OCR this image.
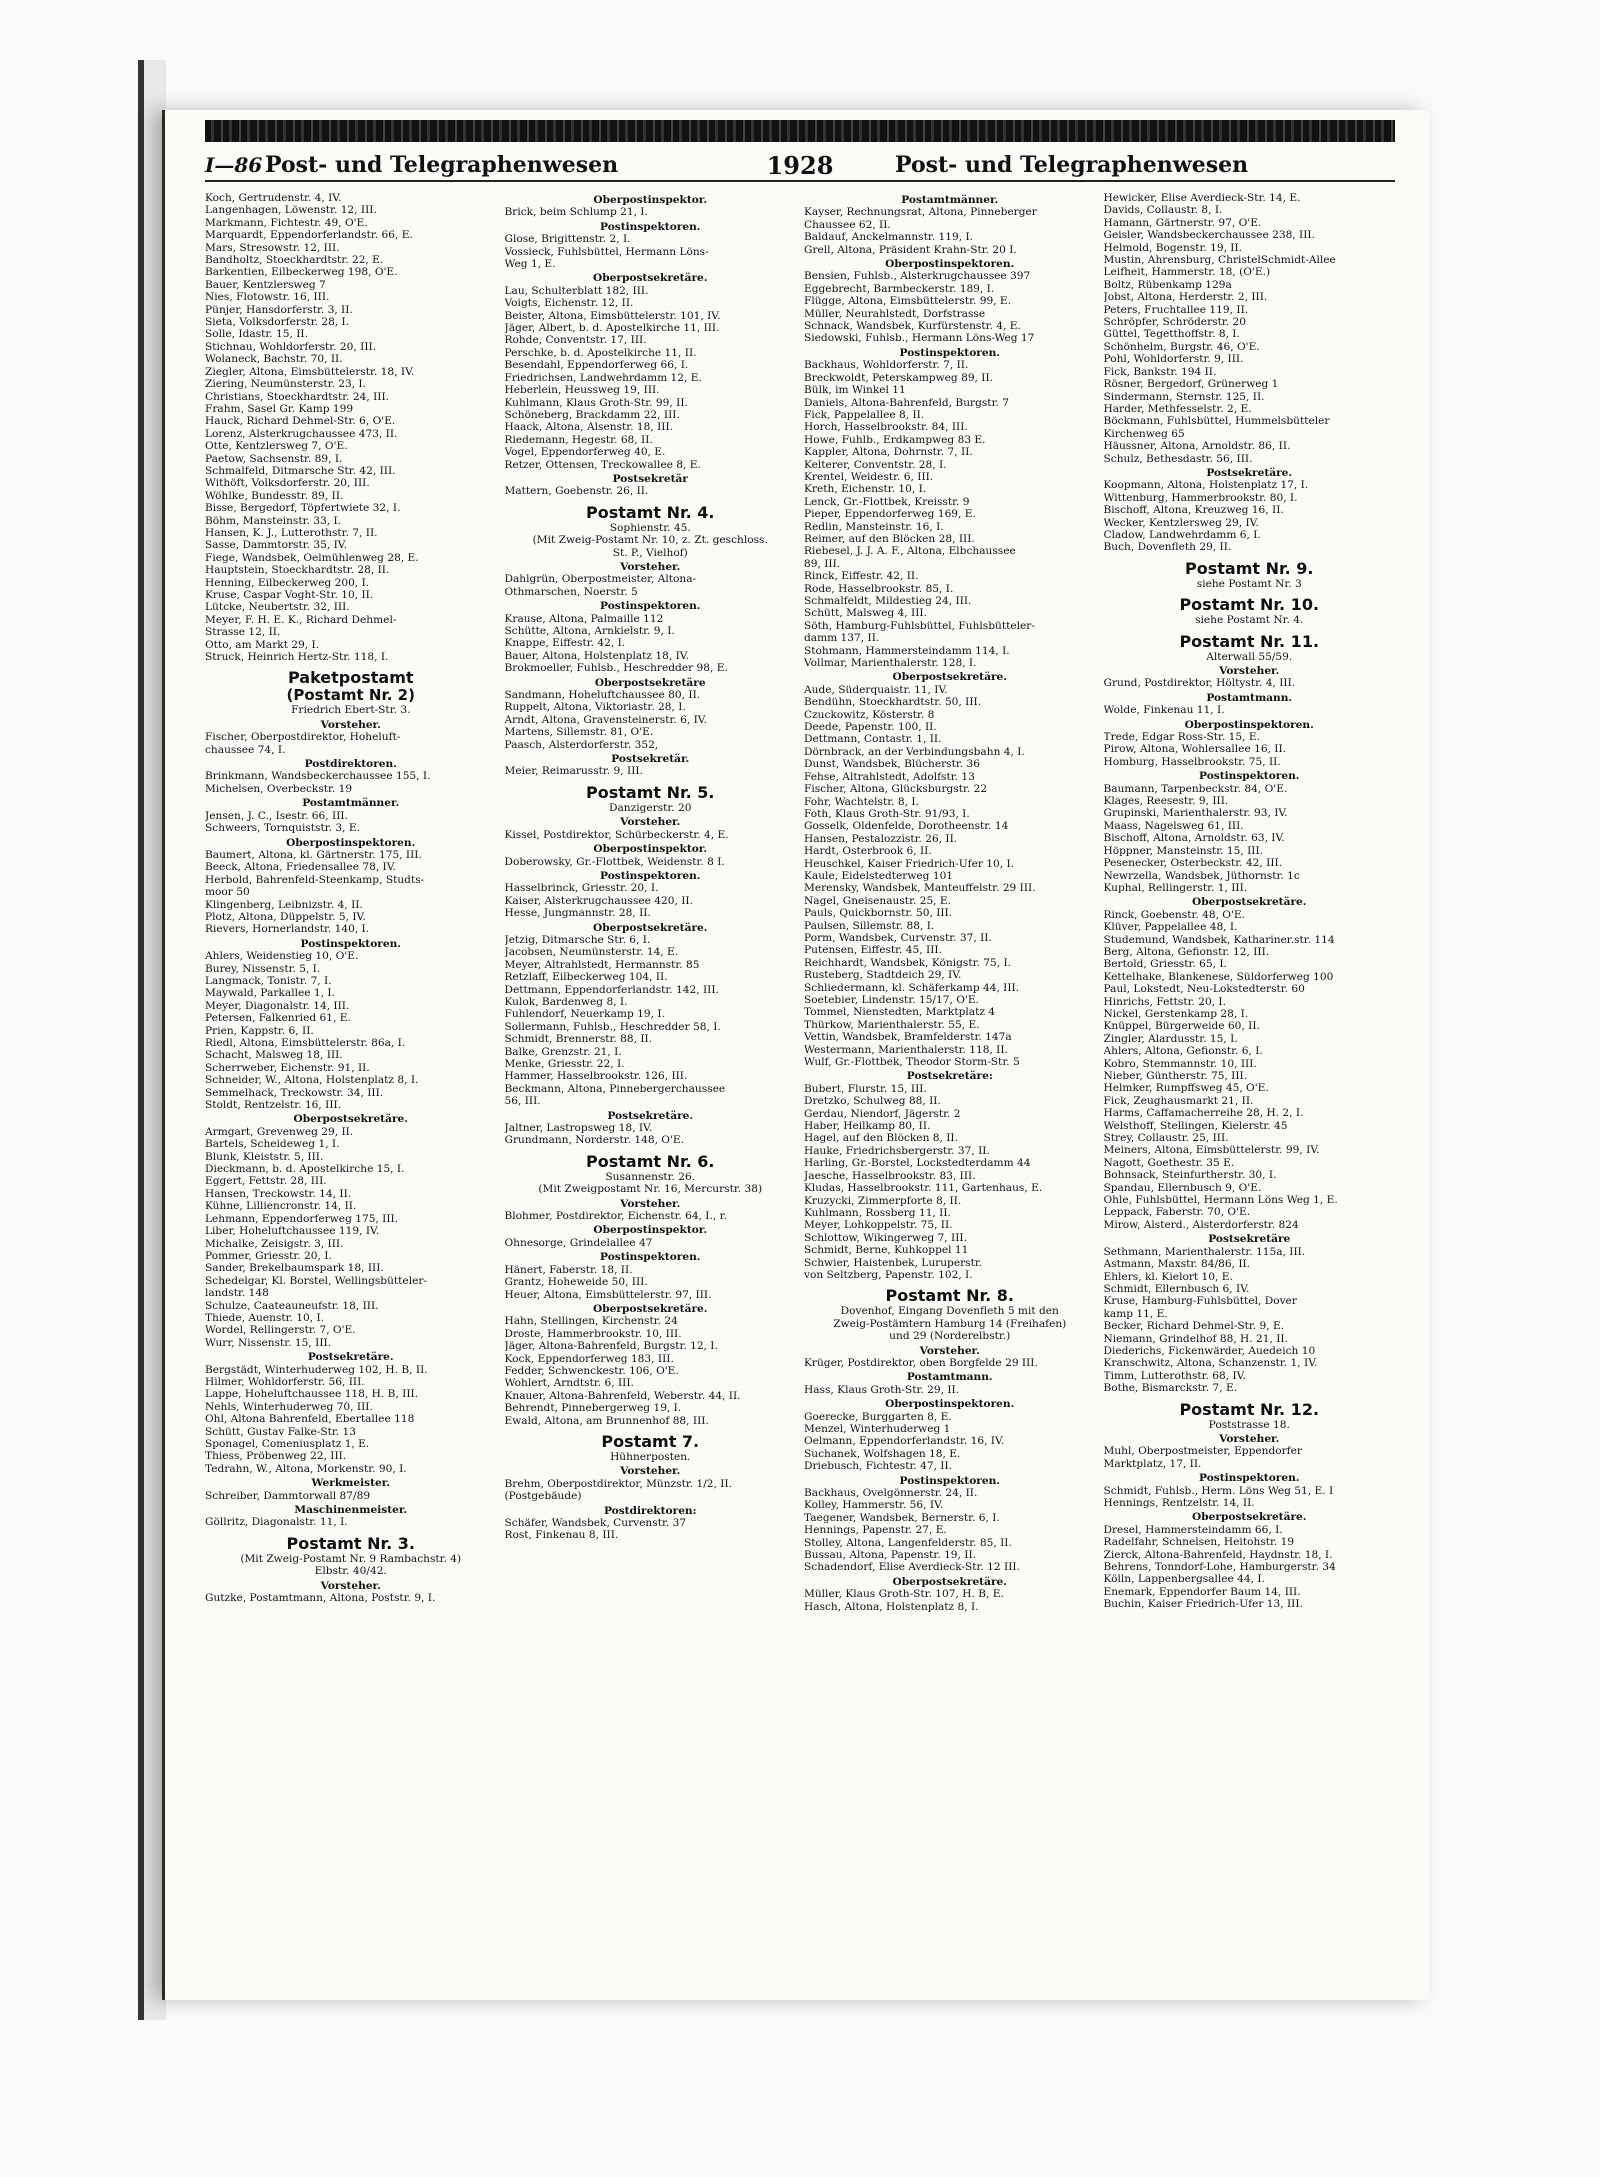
I—86 Post- und Telegraphenwesen	1928	Post- und Telegraphenwesen
Koch, Gertrudenstr. 4, IV.
Langenhagen, Löwenstr. 12, III.
Markmann, Fichtestr. 49, O'E.
Marquardt, Eppendorferlandstr. 66, E.
Mars, Stresowstr. 12, III.
Bandholtz, Stoeckhardtstr. 22, E.
Barkentien, Eilbeckerweg 198, O'E.
Bauer, Kentzlersweg 7
Nies, Flotowstr. 16, III.
Pünjer, Hansdorferstr. 3, II.
Sieta, Volksdorferstr. 28, I.
Solle, Idastr. 15, II.
Stichnau, Wohldorferstr. 20, III.
Wolaneck, Bachstr. 70, II.
Ziegler, Altona, Eimsbüttelerstr. 18, IV.
Ziering, Neumünsterstr. 23, I.
Christians, Stoeckhardtstr. 24, III.
Frahm, Sasel Gr. Kamp 199
Hauck, Richard Dehmel-Str. 6, O'E.
Lorenz, Alsterkrugchaussee 473, II.
Otte, Kentzlersweg 7, O'E.
Paetow, Sachsenstr. 89, I.
Schmalfeld, Ditmarsche Str. 42, III.
Withöft, Volksdorferstr. 20, III.
Wöhlke, Bundesstr. 89, II.
Bisse, Bergedorf, Töpfertwiete 32, I.
Böhm, Mansteinstr. 33, I.
Hansen, K. J., Lutterothstr. 7, II.
Sasse, Dammtorstr. 35, IV.
Fiege, Wandsbek, Oelmühlenweg 28, E.
Hauptstein, Stoeckhardtstr. 28, II.
Henning, Eilbeckerweg 200, I.
Kruse, Caspar Voght-Str. 10, II.
Lütcke, Neubertstr. 32, III.
Meyer, F. H. E. K., Richard Dehmel-
Strasse 12, II.
Otto, am Markt 29, I.
Struck, Heinrich Hertz-Str. 118, I.
Paketpostamt
(Postamt Nr. 2)
Friedrich Ebert-Str. 3.
Vorsteher.
Fischer, Oberpostdirektor, Hoheluft-
chaussee 74, I.
Postdirektoren.
Brinkmann, Wandsbeckerchaussee 155, I.
Michelsen, Overbeckstr. 19
Postamtmänner.
Jensen, J. C., Isestr. 66, III.
Schweers, Tornquiststr. 3, E.
Oberpostinspektoren.
Baumert, Altona, kl. Gärtnerstr. 175, III.
Beeck, Altona, Friedensallee 78, IV.
Herbold, Bahrenfeld-Steenkamp, Studts-
moor 50
Klingenberg, Leibnizstr. 4, II.
Plotz, Altona, Düppelstr. 5, IV.
Rievers, Hornerlandstr. 140, I.
Postinspektoren.
Ahlers, Weidenstieg 10, O'E.
Burey, Nissenstr. 5, I.
Langmack, Tonistr. 7, I.
Maywald, Parkallee 1, I.
Meyer, Diagonalstr. 14, III.
Petersen, Falkenried 61, E.
Prien, Kappstr. 6, II.
Riedl, Altona, Eimsbüttelerstr. 86a, I.
Schacht, Malsweg 18, III.
Scherrweber, Eichenstr. 91, II.
Schneider, W., Altona, Holstenplatz 8, I.
Semmelhack, Treckowstr. 34, III.
Stoldt, Rentzelstr. 16, III.
Oberpostsekretäre.
Armgart, Grevenweg 29, II.
Bartels, Scheideweg 1, I.
Blunk, Kleiststr. 5, III.
Dieckmann, b. d. Apostelkirche 15, I.
Eggert, Fettstr. 28, III.
Hansen, Treckowstr. 14, II.
Kühne, Lilliencronstr. 14, II.
Lehmann, Eppendorferweg 175, III.
Liber, Hoheluftchaussee 119, IV.
Michalke, Zeisigstr. 3, III.
Pommer, Griesstr. 20, I.
Sander, Brekelbaumspark 18, III.
Schedelgar, Kl. Borstel, Wellingsbütteler-
landstr. 148
Schulze, Caateauneufstr. 18, III.
Thiede, Auenstr. 10, I.
Wordel, Rellingerstr. 7, O'E.
Wurr, Nissenstr. 15, III.
Postsekretäre.
Bergstädt, Winterhuderweg 102, H. B, II.
Hilmer, Wohldorferstr. 56, III.
Lappe, Hoheluftchaussee 118, H. B, III.
Nehls, Winterhuderweg 70, III.
Ohl, Altona Bahrenfeld, Ebertallee 118
Schütt, Gustav Falke-Str. 13
Sponagel, Comeniusplatz 1, E.
Thiess, Pröbenweg 22, III.
Tedrahn, W., Altona, Morkenstr. 90, I.
Werkmeister.
Schreiber, Dammtorwall 87/89
Maschinenmeister.
Göllritz, Diagonalstr. 11, I.
Postamt Nr. 3.
(Mit Zweig-Postamt Nr. 9 Rambachstr. 4)
Elbstr. 40/42.
Vorsteher.
Gutzke, Postamtmann, Altona, Poststr. 9, I.
Oberpostinspektor.
Brick, beim Schlump 21, I.
Postinspektoren.
Glose, Brigittenstr. 2, I.
Vossieck, Fuhlsbüttel, Hermann Löns-
Weg 1, E.
Oberpostsekretäre.
Lau, Schulterblatt 182, III.
Voigts, Eichenstr. 12, II.
Beister, Altona, Eimsbüttelerstr. 101, IV.
Jäger, Albert, b. d. Apostelkirche 11, III.
Rohde, Conventstr. 17, III.
Perschke, b. d. Apostelkirche 11, II.
Besendahl, Eppendorferweg 66, I.
Friedrichsen, Landwehrdamm 12, E.
Heberlein, Heussweg 19, III.
Kuhlmann, Klaus Groth-Str. 99, II.
Schöneberg, Brackdamm 22, III.
Haack, Altona, Alsenstr. 18, III.
Riedemann, Hegestr. 68, II.
Vogel, Eppendorferweg 40, E.
Retzer, Ottensen, Treckowallee 8, E.
Postsekretär
Mattern, Goebenstr. 26, II.
Postamt Nr. 4.
Sophienstr. 45.
(Mit Zweig-Postamt Nr. 10, z. Zt. geschloss.
St. P., Vielhof)
Vorsteher.
Dahlgrün, Oberpostmeister, Altona-
Othmarschen, Noerstr. 5
Postinspektoren.
Krause, Altona, Palmaille 112
Schütte, Altona, Arnkielstr. 9, I.
Knappe, Eiffestr. 42, I.
Bauer, Altona, Holstenplatz 18, IV.
Brokmoeller, Fuhlsb., Heschredder 98, E.
Oberpostsekretäre
Sandmann, Hoheluftchaussee 80, II.
Ruppelt, Altona, Viktoriastr. 28, I.
Arndt, Altona, Gravensteinerstr. 6, IV.
Martens, Sillemstr. 81, O'E.
Paasch, Alsterdorferstr. 352,
Postsekretär.
Meier, Reimarusstr. 9, III.
Postamt Nr. 5.
Danzigerstr. 20
Vorsteher.
Kissel, Postdirektor, Schürbeckerstr. 4, E.
Oberpostinspektor.
Doberowsky, Gr.-Flottbek, Weidenstr. 8 I.
Postinspektoren.
Hasselbrinck, Griesstr. 20, I.
Kaiser, Alsterkrugchaussee 420, II.
Hesse, Jungmannstr. 28, II.
Oberpostsekretäre.
Jetzig, Ditmarsche Str. 6, I.
Jacobsen, Neumünsterstr. 14, E.
Meyer, Altrahlstedt, Hermannstr. 85
Retzlaff, Eilbeckerweg 104, II.
Dettmann, Eppendorferlandstr. 142, III.
Kulok, Bardenweg 8, I.
Fuhlendorf, Neuerkamp 19, I.
Sollermann, Fuhlsb., Heschredder 58, I.
Schmidt, Brennerstr. 88, II.
Balke, Grenzstr. 21, I.
Menke, Griesstr. 22, I.
Hammer, Hasselbrookstr. 126, III.
Beckmann, Altona, Pinnebergerchaussee
56, III.
Postsekretäre.
Jaltner, Lastropsweg 18, IV.
Grundmann, Norderstr. 148, O'E.
Postamt Nr. 6.
Susannenstr. 26.
(Mit Zweigpostamt Nr. 16, Mercurstr. 38)
Vorsteher.
Blohmer, Postdirektor, Eichenstr. 64, I., r.
Oberpostinspektor.
Ohnesorge, Grindelallee 47
Postinspektoren.
Hänert, Faberstr. 18, II.
Grantz, Hoheweide 50, III.
Heuer, Altona, Eimsbüttelerstr. 97, III.
Oberpostsekretäre.
Hahn, Stellingen, Kirchenstr. 24
Droste, Hammerbrookstr. 10, III.
Jäger, Altona-Bahrenfeld, Burgstr. 12, I.
Kock, Eppendorferweg 183, III.
Fedder, Schwenckestr. 106, O'E.
Wohlert, Arndtstr. 6, III.
Knauer, Altona-Bahrenfeld, Weberstr. 44, II.
Behrendt, Pinnebergerweg 19, I.
Ewald, Altona, am Brunnenhof 88, III.
Postamt 7.
Hühnerposten.
Vorsteher.
Brehm, Oberpostdirektor, Münzstr. 1/2, II.
(Postgebäude)
Postdirektoren:
Schäfer, Wandsbek, Curvenstr. 37
Rost, Finkenau 8, III.
Postamtmänner.
Kayser, Rechnungsrat, Altona, Pinneberger
Chaussee 62, II.
Baldauf, Anckelmannstr. 119, I.
Grell, Altona, Präsident Krahn-Str. 20 I.
Oberpostinspektoren.
Bensien, Fuhlsb., Alsterkrugchaussee 397
Eggebrecht, Barmbeckerstr. 189, I.
Flügge, Altona, Eimsbüttelerstr. 99, E.
Müller, Neurahlstedt, Dorfstrasse
Schnack, Wandsbek, Kurfürstenstr. 4, E.
Siedowski, Fuhlsb., Hermann Löns-Weg 17
Postinspektoren.
Backhaus, Wohldorferstr. 7, II.
Breckwoldt, Peterskampweg 89, II.
Bülk, im Winkel 11
Daniels, Altona-Bahrenfeld, Burgstr. 7
Fick, Pappelallee 8, II.
Horch, Hasselbrookstr. 84, III.
Howe, Fuhlb., Erdkampweg 83 E.
Kappler, Altona, Dohrnstr. 7, II.
Kelterer, Conventstr. 28, I.
Krentel, Weidestr. 6, III.
Kreth, Eichenstr. 10, I.
Lenck, Gr.-Flottbek, Kreisstr. 9
Pieper, Eppendorferweg 169, E.
Redlin, Mansteinstr. 16, I.
Reimer, auf den Blöcken 28, III.
Riebesel, J. J. A. F., Altona, Elbchaussee
89, III.
Rinck, Eiffestr. 42, II.
Rode, Hasselbrookstr. 85, I.
Schmalfeldt, Mildestieg 24, III.
Schütt, Malsweg 4, III.
Söth, Hamburg-Fuhlsbüttel, Fuhlsbütteler-
damm 137, II.
Stohmann, Hammersteindamm 114, I.
Vollmar, Marienthalerstr. 128, I.
Oberpostsekretäre.
Aude, Süderquaistr. 11, IV.
Bendühn, Stoeckhardtstr. 50, III.
Czuckowitz, Kösterstr. 8
Deede, Papenstr. 100, II.
Dettmann, Contastr. 1, II.
Dörnbrack, an der Verbindungsbahn 4, I.
Dunst, Wandsbek, Blücherstr. 36
Fehse, Altrahlstedt, Adolfstr. 13
Fischer, Altona, Glücksburgstr. 22
Fohr, Wachtelstr. 8, I.
Foth, Klaus Groth-Str. 91/93, I.
Gosselk, Oldenfelde, Dorotheenstr. 14
Hansen, Pestalozzistr. 26, II.
Hardt, Osterbrook 6, II.
Heuschkel, Kaiser Friedrich-Ufer 10, I.
Kaule, Eidelstedterweg 101
Merensky, Wandsbek, Manteuffelstr. 29 III.
Nagel, Gneisenaustr. 25, E.
Pauls, Quickbornstr. 50, III.
Paulsen, Sillemstr. 88, I.
Porm, Wandsbek, Curvenstr. 37, II.
Putensen, Eiffestr. 45, III.
Reichhardt, Wandsbek, Königstr. 75, I.
Rusteberg, Stadtdeich 29, IV.
Schliedermann, kl. Schäferkamp 44, III.
Soetebier, Lindenstr. 15/17, O'E.
Tommel, Nienstedten, Marktplatz 4
Thürkow, Marienthalerstr. 55, E.
Vettin, Wandsbek, Bramfelderstr. 147a
Westermann, Marienthalerstr. 118, II.
Wulf, Gr.-Flottbek, Theodor Storm-Str. 5
Postsekretäre:
Bubert, Flurstr. 15, III.
Dretzko, Schulweg 88, II.
Gerdau, Niendorf, Jägerstr. 2
Haber, Heilkamp 80, II.
Hagel, auf den Blöcken 8, II.
Hauke, Friedrichsbergerstr. 37, II.
Harling, Gr.-Borstel, Lockstedterdamm 44
Jaesche, Hasselbrookstr. 83, III.
Kludas, Hasselbrookstr. 111, Gartenhaus, E.
Kruzycki, Zimmerpforte 8, II.
Kuhlmann, Rossberg 11, II.
Meyer, Lohkoppelstr. 75, II.
Schlottow, Wikingerweg 7, III.
Schmidt, Berne, Kuhkoppel 11
Schwier, Haistenbek, Luruperstr.
von Seltzberg, Papenstr. 102, I.
Postamt Nr. 8.
Dovenhof, Eingang Dovenfleth 5 mit den
Zweig-Postämtern Hamburg 14 (Freihafen)
und 29 (Norderelbstr.)
Vorsteher.
Krüger, Postdirektor, oben Borgfelde 29 III.
Postamtmann.
Hass, Klaus Groth-Str. 29, II.
Oberpostinspektoren.
Goerecke, Burggarten 8, E.
Menzel, Winterhuderweg 1
Oelmann, Eppendorferlandstr. 16, IV.
Suchanek, Wolfshagen 18, E.
Driebusch, Fichtestr. 47, II.
Postinspektoren.
Backhaus, Ovelgönnerstr. 24, II.
Kolley, Hammerstr. 56, IV.
Taegener, Wandsbek, Bernerstr. 6, I.
Hennings, Papenstr. 27, E.
Stolley, Altona, Langenfelderstr. 85, II.
Bussau, Altona, Papenstr. 19, II.
Schadendorf, Elise Averdieck-Str. 12 III.
Oberpostsekretäre.
Müller, Klaus Groth-Str. 107, H. B, E.
Hasch, Altona, Holstenplatz 8, I.
Hewicker, Elise Averdieck-Str. 14, E.
Davids, Collaustr. 8, I.
Hamann, Gärtnerstr. 97, O'E.
Geisler, Wandsbeckerchaussee 238, III.
Helmold, Bogenstr. 19, II.
Mustin, Ahrensburg, ChristelSchmidt-Allee
Leifheit, Hammerstr. 18, (O'E.)
Boltz, Rübenkamp 129a
Jobst, Altona, Herderstr. 2, III.
Peters, Fruchtallee 119, II.
Schröpfer, Schröderstr. 20
Güttel, Tegetthoffstr. 8, I.
Schönhelm, Burgstr. 46, O'E.
Pohl, Wohldorferstr. 9, III.
Fick, Bankstr. 194 II.
Rösner, Bergedorf, Grünerweg 1
Sindermann, Sternstr. 125, II.
Harder, Methfesselstr. 2, E.
Böckmann, Fuhlsbüttel, Hummelsbütteler
Kirchenweg 65
Häussner, Altona, Arnoldstr. 86, II.
Schulz, Bethesdastr. 56, III.
Postsekretäre.
Koopmann, Altona, Holstenplatz 17, I.
Wittenburg, Hammerbrookstr. 80, I.
Bischoff, Altona, Kreuzweg 16, II.
Wecker, Kentzlersweg 29, IV.
Cladow, Landwehrdamm 6, I.
Buch, Dovenfleth 29, II.
Postamt Nr. 9.
siehe Postamt Nr. 3
Postamt Nr. 10.
siehe Postamt Nr. 4.
Postamt Nr. 11.
Alterwall 55/59.
Vorsteher.
Grund, Postdirektor, Höltystr. 4, III.
Postamtmann.
Wolde, Finkenau 11, I.
Oberpostinspektoren.
Trede, Edgar Ross-Str. 15, E.
Pirow, Altona, Wohlersallee 16, II.
Homburg, Hasselbrookstr. 75, II.
Postinspektoren.
Baumann, Tarpenbeckstr. 84, O'E.
Klages, Reesestr. 9, III.
Grupinski, Marienthalerstr. 93, IV.
Maass, Nagelsweg 61, III.
Bischoff, Altona, Arnoldstr. 63, IV.
Höppner, Mansteinstr. 15, III.
Pesenecker, Osterbeckstr. 42, III.
Newrzella, Wandsbek, Jüthornstr. 1c
Kuphal, Rellingerstr. 1, III.
Oberpostsekretäre.
Rinck, Goebenstr. 48, O'E.
Klüver, Pappelallee 48, I.
Studemund, Wandsbek, Kathariner.str. 114
Berg, Altona, Gefionstr. 12, III.
Bertold, Griesstr. 65, I.
Kettelhake, Blankenese, Süldorferweg 100
Paul, Lokstedt, Neu-Lokstedterstr. 60
Hinrichs, Fettstr. 20, I.
Nickel, Gerstenkamp 28, I.
Knüppel, Bürgerweide 60, II.
Zingler, Alardusstr. 15, I.
Ahlers, Altona, Gefionstr. 6, I.
Kobro, Stemmannstr. 10, III.
Nieber, Güntherstr. 75, III.
Helmker, Rumpffsweg 45, O'E.
Fick, Zeughausmarkt 21, II.
Harms, Caffamacherreihe 28, H. 2, I.
Welsthoff, Stellingen, Kielerstr. 45
Strey, Collaustr. 25, III.
Meiners, Altona, Eimsbüttelerstr. 99, IV.
Nagott, Goethestr. 35 E.
Bohnsack, Steinfurtherstr. 30, I.
Spandau, Ellernbusch 9, O'E.
Ohle, Fuhlsbüttel, Hermann Löns Weg 1, E.
Leppack, Faberstr. 70, O'E.
Mirow, Alsterd., Alsterdorferstr. 824
Postsekretäre
Sethmann, Marienthalerstr. 115a, III.
Astmann, Maxstr. 84/86, II.
Ehlers, kl. Kielort 10, E.
Schmidt, Ellernbusch 6, IV.
Kruse, Hamburg-Fuhlsbüttel, Dover
kamp 11, E.
Becker, Richard Dehmel-Str. 9, E.
Niemann, Grindelhof 88, H. 21, II.
Diederichs, Fickenwärder, Auedeich 10
Kranschwitz, Altona, Schanzenstr. 1, IV.
Timm, Lutterothstr. 68, IV.
Bothe, Bismarckstr. 7, E.
Postamt Nr. 12.
Poststrasse 18.
Vorsteher.
Muhl, Oberpostmeister, Eppendorfer
Marktplatz, 17, II.
Postinspektoren.
Schmidt, Fuhlsb., Herm. Löns Weg 51, E. I
Hennings, Rentzelstr. 14, II.
Oberpostsekretäre.
Dresel, Hammersteindamm 66, I.
Radelfahr, Schnelsen, Heitohstr. 19
Zierck, Altona-Bahrenfeld, Haydnstr. 18, I.
Behrens, Tonndorf-Lohe, Hamburgerstr. 34
Kölln, Lappenbergsallee 44, I.
Enemark, Eppendorfer Baum 14, III.
Buchin, Kaiser Friedrich-Ufer 13, III.
